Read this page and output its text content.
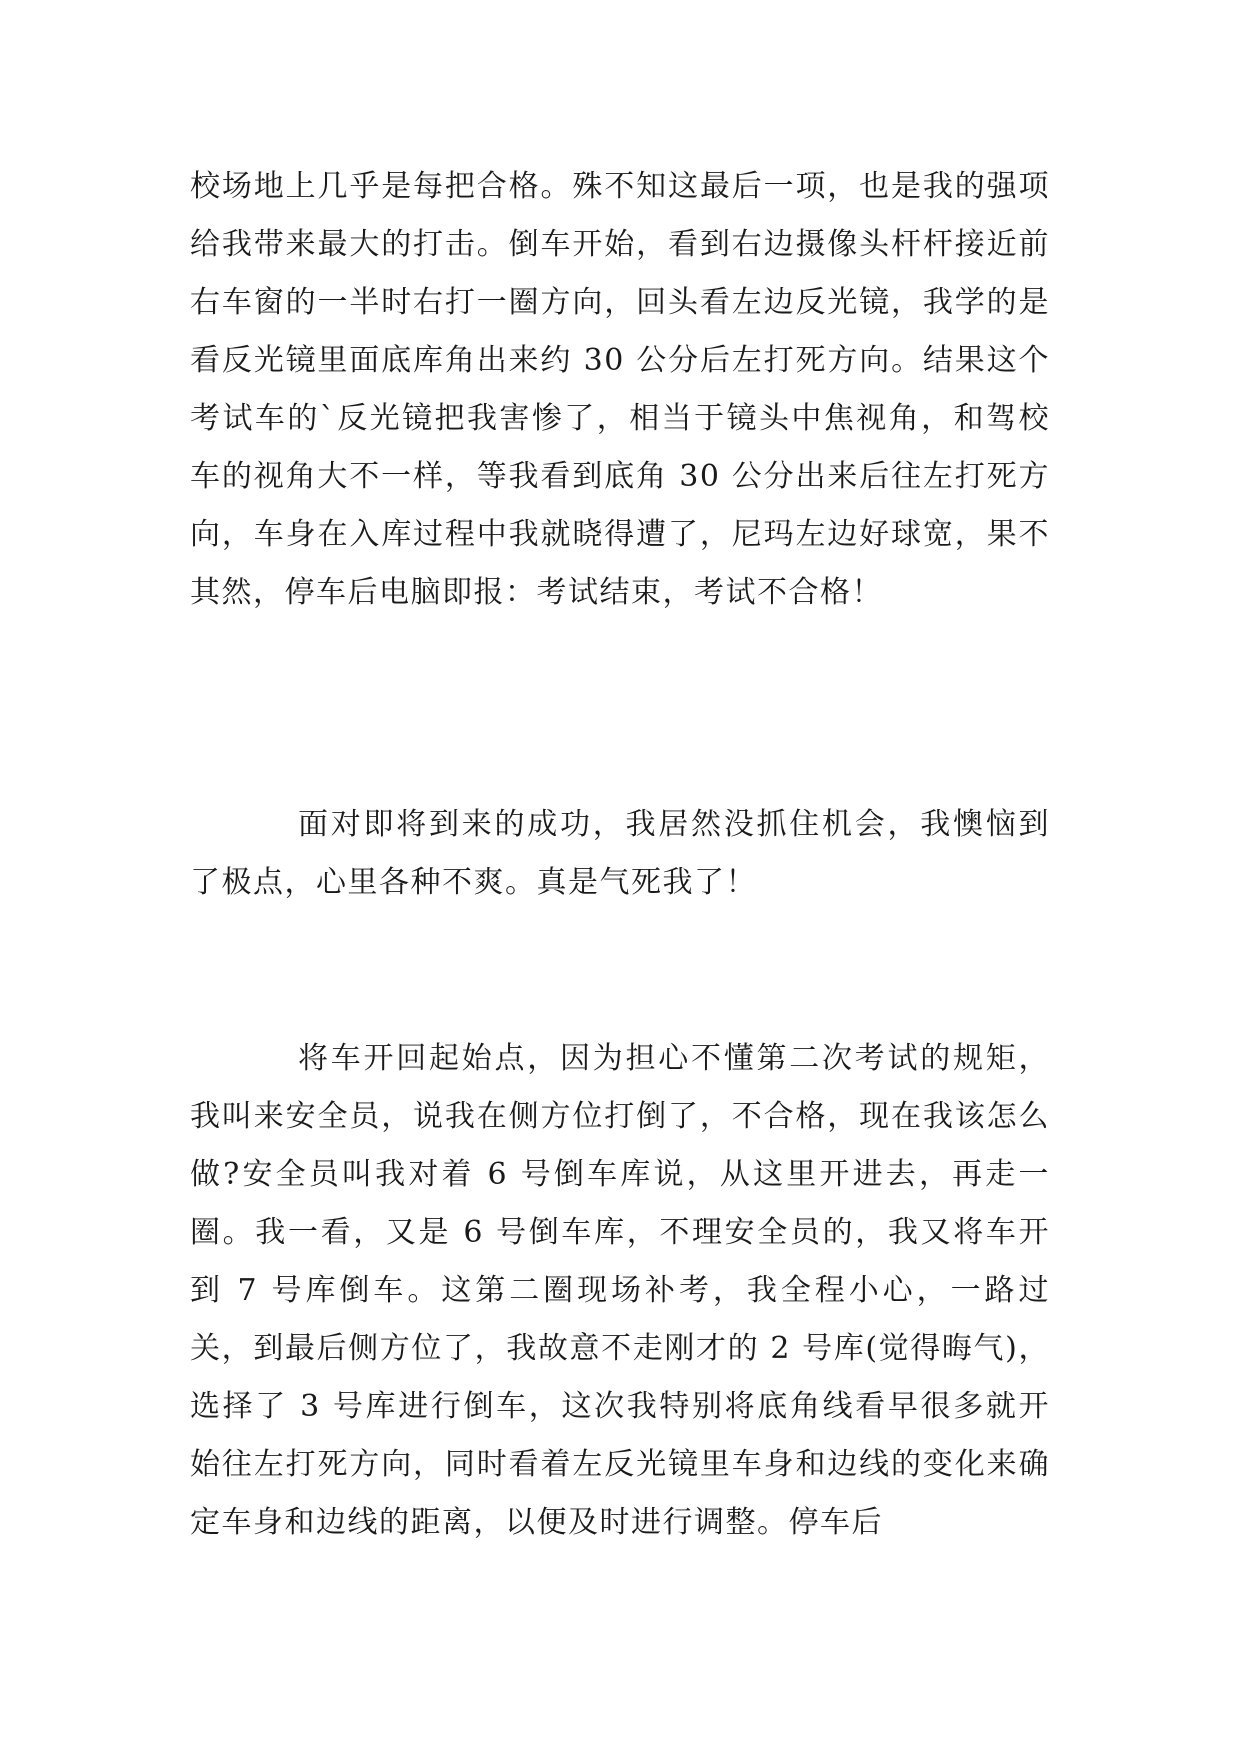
校场地上几乎是每把合格。殊不知这最后一项，也是我的强项给我带来最大的打击。倒车开始，看到右边摄像头杆杆接近前右车窗的一半时右打一圈方向，回头看左边反光镜，我学的是看反光镜里面底库角出来约 30 公分后左打死方向。结果这个考试车的`反光镜把我害惨了，相当于镜头中焦视角，和驾校车的视角大不一样，等我看到底角 30 公分出来后往左打死方向，车身在入库过程中我就晓得遭了，尼玛左边好球宽，果不其然，停车后电脑即报：考试结束，考试不合格！

面对即将到来的成功，我居然没抓住机会，我懊恼到了极点，心里各种不爽。真是气死我了！

将车开回起始点，因为担心不懂第二次考试的规矩，我叫来安全员，说我在侧方位打倒了，不合格，现在我该怎么做?安全员叫我对着 6 号倒车库说，从这里开进去，再走一圈。我一看，又是 6 号倒车库，不理安全员的，我又将车开到 7 号库倒车。这第二圈现场补考，我全程小心，一路过关，到最后侧方位了，我故意不走刚才的 2 号库(觉得晦气)，选择了 3 号库进行倒车，这次我特别将底角线看早很多就开始往左打死方向，同时看着左反光镜里车身和边线的变化来确定车身和边线的距离，以便及时进行调整。停车后
